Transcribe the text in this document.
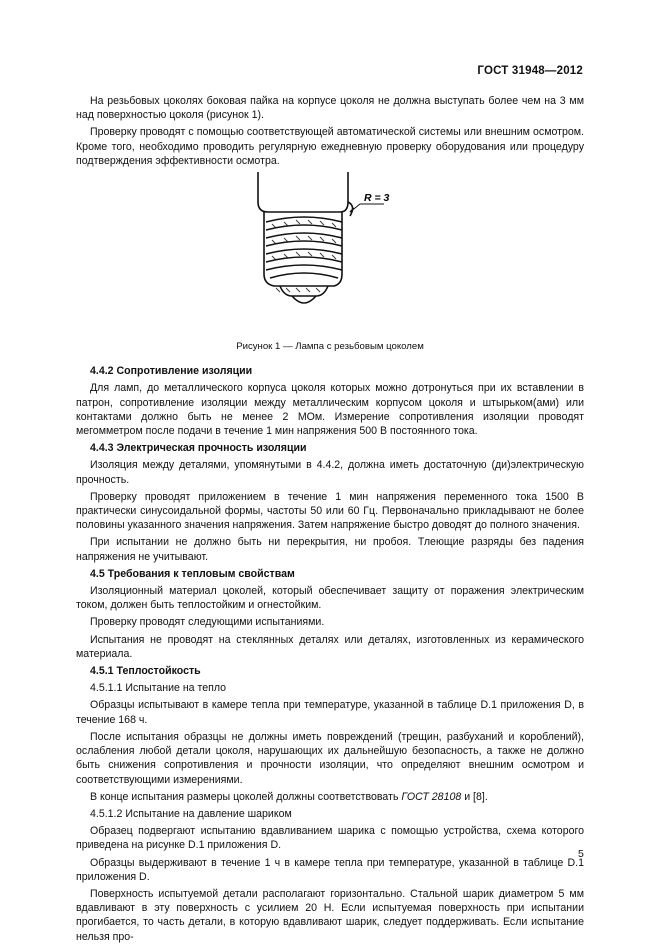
ГОСТ 31948—2012

На резьбовых цоколях боковая пайка на корпусе цоколя не должна выступать более чем на 3 мм над поверхностью цоколя (рисунок 1).

Проверку проводят с помощью соответствующей автоматической системы или внешним осмотром. Кроме того, необходимо проводить регулярную ежедневную проверку оборудования или процедуру подтверждения эффективности осмотра.

R = 3

Рисунок 1 — Лампа с резьбовым цоколем

4.4.2 Сопротивление изоляции

Для ламп, до металлического корпуса цоколя которых можно дотронуться при их вставлении в патрон, сопротивление изоляции между металлическим корпусом цоколя и штырьком(ами) или контактами должно быть не менее 2 МОм. Измерение сопротивления изоляции проводят мегомметром после подачи в течение 1 мин напряжения 500 В постоянного тока.

4.4.3 Электрическая прочность изоляции

Изоляция между деталями, упомянутыми в 4.4.2, должна иметь достаточную (ди)электрическую прочность.

Проверку проводят приложением в течение 1 мин напряжения переменного тока 1500 В практически синусоидальной формы, частоты 50 или 60 Гц. Первоначально прикладывают не более половины указанного значения напряжения. Затем напряжение быстро доводят до полного значения.

При испытании не должно быть ни перекрытия, ни пробоя. Тлеющие разряды без падения напряжения не учитывают.

4.5 Требования к тепловым свойствам

Изоляционный материал цоколей, который обеспечивает защиту от поражения электрическим током, должен быть теплостойким и огнестойким.

Проверку проводят следующими испытаниями.

Испытания не проводят на стеклянных деталях или деталях, изготовленных из керамического материала.

4.5.1 Теплостойкость

4.5.1.1 Испытание на тепло

Образцы испытывают в камере тепла при температуре, указанной в таблице D.1 приложения D, в течение 168 ч.

После испытания образцы не должны иметь повреждений (трещин, разбуханий и короблений), ослабления любой детали цоколя, нарушающих их дальнейшую безопасность, а также не должно быть снижения сопротивления и прочности изоляции, что определяют внешним осмотром и соответствующими измерениями.

В конце испытания размеры цоколей должны соответствовать ГОСТ 28108 и [8].

4.5.1.2 Испытание на давление шариком

Образец подвергают испытанию вдавливанием шарика с помощью устройства, схема которого приведена на рисунке D.1 приложения D.

Образцы выдерживают в течение 1 ч в камере тепла при температуре, указанной в таблице D.1 приложения D.

Поверхность испытуемой детали располагают горизонтально. Стальной шарик диаметром 5 мм вдавливают в эту поверхность с усилием 20 Н. Если испытуемая поверхность при испытании прогибается, то часть детали, в которую вдавливают шарик, следует поддерживать. Если испытание нельзя про-

5
